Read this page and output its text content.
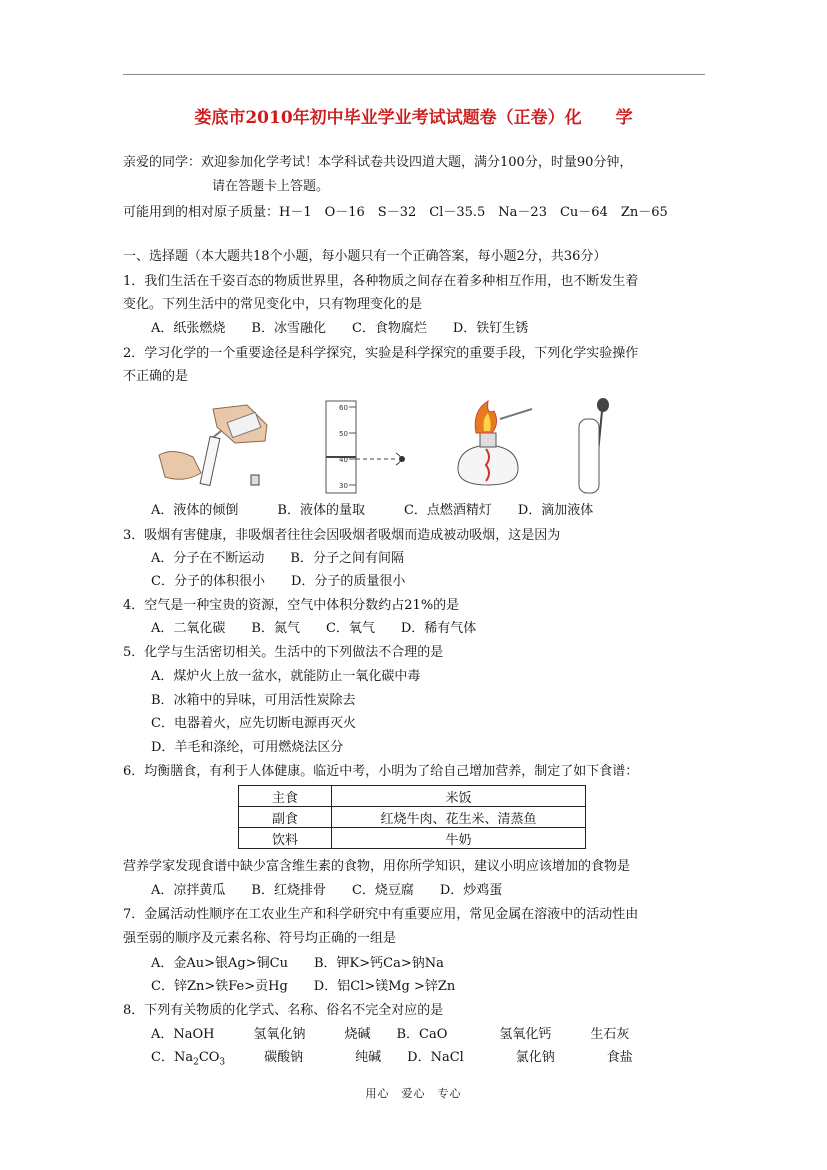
娄底市2010年初中毕业学业考试试题卷（正卷）化　　学
亲爱的同学：欢迎参加化学考试！本学科试卷共设四道大题，满分100分，时量90分钟，
请在答题卡上答题。
可能用到的相对原子质量：H－1　O－16　S－32　Cl－35.5　Na－23　Cu－64　Zn－65
一、选择题（本大题共18个小题，每小题只有一个正确答案，每小题2分，共36分）
1．我们生活在千姿百态的物质世界里，各种物质之间存在着多种相互作用，也不断发生着
变化。下列生活中的常见变化中，只有物理变化的是
A．纸张燃烧　　B．冰雪融化　　C．食物腐烂　　D．铁钉生锈
2．学习化学的一个重要途径是科学探究，实验是科学探究的重要手段，下列化学实验操作
不正确的是
60
50
40
30
A．液体的倾倒　　　B．液体的量取　　　C．点燃酒精灯　　D．滴加液体
3．吸烟有害健康，非吸烟者往往会因吸烟者吸烟而造成被动吸烟，这是因为
A．分子在不断运动　　B．分子之间有间隔
C．分子的体积很小　　D．分子的质量很小
4．空气是一种宝贵的资源，空气中体积分数约占21%的是
A．二氧化碳　　B．氮气　　C．氧气　　D．稀有气体
5．化学与生活密切相关。生活中的下列做法不合理的是
A．煤炉火上放一盆水，就能防止一氧化碳中毒
B．冰箱中的异味，可用活性炭除去
C．电器着火，应先切断电源再灭火
D．羊毛和涤纶，可用燃烧法区分
6．均衡膳食，有利于人体健康。临近中考，小明为了给自己增加营养，制定了如下食谱：
主食	米饭
副食	红烧牛肉、花生米、清蒸鱼
饮料	牛奶
营养学家发现食谱中缺少富含维生素的食物，用你所学知识，建议小明应该增加的食物是
A．凉拌黄瓜　　B．红烧排骨　　C．烧豆腐　　D．炒鸡蛋
7．金属活动性顺序在工农业生产和科学研究中有重要应用，常见金属在溶液中的活动性由
强至弱的顺序及元素名称、符号均正确的一组是
A．金Au>银Ag>铜Cu　　B．钾K>钙Ca>钠Na
C．锌Zn>铁Fe>贡Hg　　D．铝Cl>镁Mg >锌Zn
8．下列有关物质的化学式、名称、俗名不完全对应的是
A．NaOH　　　氢氧化钠　　　烧碱　　B．CaO　　　　氢氧化钙　　　生石灰
C．$Na_2CO_3$　　　碳酸钠　　　　纯碱　　D．NaCl　　　　氯化钠　　　　食盐
用心　爱心　专心
